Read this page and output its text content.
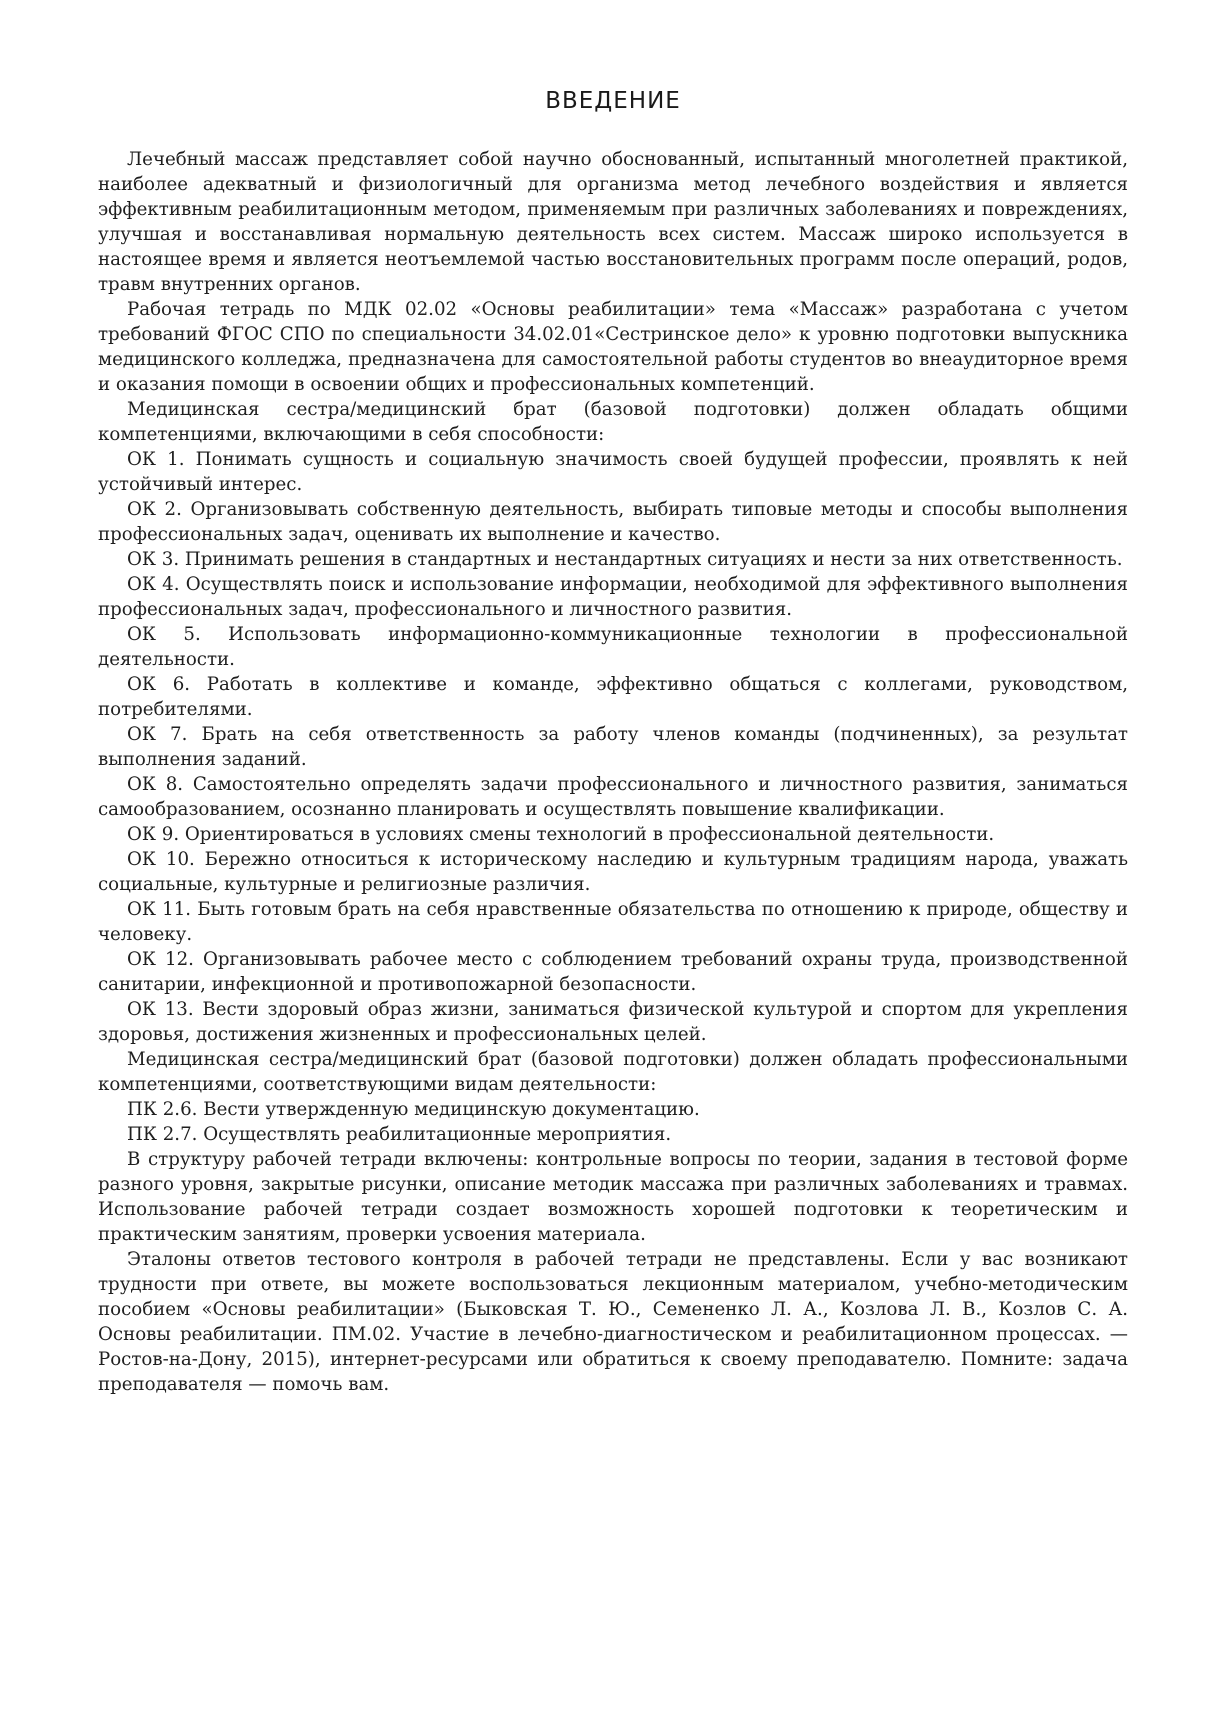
ВВЕДЕНИЕ

Лечебный массаж представляет собой научно обоснованный, испытанный многолетней практикой, наиболее адекватный и физиологичный для организма метод лечебного воздействия и является эффективным реабилитационным методом, применяемым при различных заболеваниях и повреждениях, улучшая и восстанавливая нормальную деятельность всех систем. Массаж широко используется в настоящее время и является неотъемлемой частью восстановительных программ после операций, родов, травм внутренних органов.

Рабочая тетрадь по МДК 02.02 «Основы реабилитации» тема «Массаж» разработана с учетом требований ФГОС СПО по специальности 34.02.01«Сестринское дело» к уровню подготовки выпускника медицинского колледжа, предназначена для самостоятельной работы студентов во внеаудиторное время и оказания помощи в освоении общих и профессиональных компетенций.

Медицинская сестра/медицинский брат (базовой подготовки) должен обладать общими компетенциями, включающими в себя способности:

ОК 1. Понимать сущность и социальную значимость своей будущей профессии, проявлять к ней устойчивый интерес.

ОК 2. Организовывать собственную деятельность, выбирать типовые методы и способы выполнения профессиональных задач, оценивать их выполнение и качество.

ОК 3. Принимать решения в стандартных и нестандартных ситуациях и нести за них ответственность.

ОК 4. Осуществлять поиск и использование информации, необходимой для эффективного выполнения профессиональных задач, профессионального и личностного развития.

ОК 5. Использовать информационно-коммуникационные технологии в профессиональной деятельности.

ОК 6. Работать в коллективе и команде, эффективно общаться с коллегами, руководством, потребителями.

ОК 7. Брать на себя ответственность за работу членов команды (подчиненных), за результат выполнения заданий.

ОК 8. Самостоятельно определять задачи профессионального и личностного развития, заниматься самообразованием, осознанно планировать и осуществлять повышение квалификации.

ОК 9. Ориентироваться в условиях смены технологий в профессиональной деятельности.

ОК 10. Бережно относиться к историческому наследию и культурным традициям народа, уважать социальные, культурные и религиозные различия.

ОК 11. Быть готовым брать на себя нравственные обязательства по отношению к природе, обществу и человеку.

ОК 12. Организовывать рабочее место с соблюдением требований охраны труда, производственной санитарии, инфекционной и противопожарной безопасности.

ОК 13. Вести здоровый образ жизни, заниматься физической культурой и спортом для укрепления здоровья, достижения жизненных и профессиональных целей.

Медицинская сестра/медицинский брат (базовой подготовки) должен обладать профессиональными компетенциями, соответствующими видам деятельности:

ПК 2.6. Вести утвержденную медицинскую документацию.

ПК 2.7. Осуществлять реабилитационные мероприятия.

В структуру рабочей тетради включены: контрольные вопросы по теории, задания в тестовой форме разного уровня, закрытые рисунки, описание методик массажа при различных заболеваниях и травмах. Использование рабочей тетради создает возможность хорошей подготовки к теоретическим и практическим занятиям, проверки усвоения материала.

Эталоны ответов тестового контроля в рабочей тетради не представлены. Если у вас возникают трудности при ответе, вы можете воспользоваться лекционным материалом, учебно-методическим пособием «Основы реабилитации» (Быковская Т. Ю., Семененко Л. А., Козлова Л. В., Козлов С. А. Основы реабилитации. ПМ.02. Участие в лечебно-диагностическом и реабилитационном процессах. — Ростов-на-Дону, 2015), интернет-ресурсами или обратиться к своему преподавателю. Помните: задача преподавателя — помочь вам.
